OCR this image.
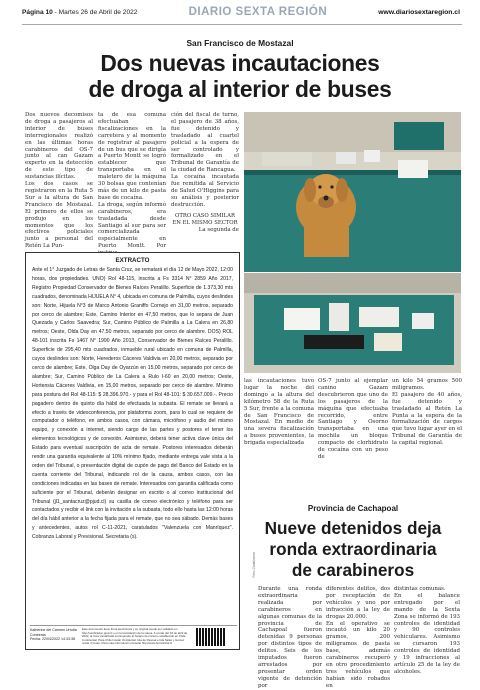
Página 10 - Martes 26 de Abril de 2022	DIARIO SEXTA REGIÓN	www.diariosextaregion.cl
San Francisco de Mostazal
Dos nuevas incautaciones
de droga al interior de buses
Dos nuevos decomisos de droga a pasajeros al interior de buses interregionales realizó en las últimas horas carabineros del OS-7 junto al can Gazam experto en la detección de este tipo de sustancias ilícitas.
Los dos casos se registraron en la Ruta 5 Sur a la altura de San Francisco de Mostazal. El primero de ellos se produjo en los momentos que los efectivos policiales junto a personal del Retén La Pun-
ta de esa comuna efectuaban fiscalizaciones en la carretera y al momento de registrar al pasajero de un bus que se dirigía a Puerto Montt se logró establecer que transportaba en el maletero de la máquina 30 bolsas que contenían más de un kilo de pasta base de cocaína.
La droga, según informó carabineros, era trasladada desde Santiago al sur para ser comercializada especialmente en Puerto Montt. Por
ción del fiscal de turno, el pasajero de 38 años, fue detenido y trasladado al cuartel policial a la espera de ser controlado y formalizado en el Tribunal de Garantía de la ciudad de Rancagua.
La cocaína incautada fue remitida al Servicio de Salud O'Higgins para su análisis y posterior destrucción.
OTRO CASO SIMILAR EN EL MISMO SECTOR
La segunda de
las incautaciones tuvo lugar la noche del domingo a la altura del kilómetro 58 de la Ruta 5 Sur, frente a la comuna de San Francisco de Mostazal. En medio de una severa fiscalización a buses provenientes, la brigada especializada
OS-7 junto al ejemplar canino Gazam descubrieron que uno de los pasajeros de la máquina que efectuaba recorrido, entre Santiago y Osorno transportaba en una mochila un bloque compacto de clorhidrato de cocaína con un peso de
un kilo 54 gramos 500 miligramos.
El pasajero de 40 años, fue detenido y trasladado al Retén La Punta a la espera de la formalización de cargos que tuvo lugar ayer en el Tribunal de Garantía de la capital regional.
EXTRACTO
Ante el 1° Juzgado de Letras de Santa Cruz, se rematará el día 12 de Mayo 2022, 12:00 horas, dos propiedades. UNO) Rol 48-115, inscrita a Fs 3314 N° 2859 Año 2017, Registro Propiedad Conservador de Bienes Raíces Peralillo. Superficie de 1.373,30 mts cuadrados, denominada HIJUELA N° 4, ubicada en comuna de Palmilla, cuyos deslindes son: Norte, Hijuela N°3 de Marco Antonio Graniffo Cornejo en 31,00 metros, separado por cerco de alambre; Este, Camino Interior en 47,50 metros, que lo separa de Juan Quezada y Carlos Saavedra; Sur, Camino Público de Palmilla a La Calera en 26,80 metros; Oeste, Olda Day en 47,50 metros, separado por cerco de alambre. DOS) ROL 48-101 inscrita Fs 1467 N° 1990 Año 2013, Conservador de Bienes Raíces Peralillo. Superficie de 295,40 mts cuadrados, inmueble rural ubicado en comuna de Palmilla, cuyos deslindes son: Norte, Herederos Cáceres Valdivia en 20,00 metros, separado por cerco de alambre; Este, Olga Day de Oyarzún en 15,00 metros, separado por cerco de alambre; Sur, Camino Público de La Calera a Rulo I-60 en 20,00 metros; Oeste, Hortensia Cáceres Valdivia, en 15,00 metros, separado por cerco de alambre. Mínimo para postura del Rol 48-115: $ 28.396.970.- y para el Rol 48-101: $ 30.657.009.-. Precio pagadero dentro de quinto día hábil de efectuada la subasta. El remate se llevará a efecto a través de videoconferencia, por plataforma zoom, para lo cual se requiere de computador o teléfono, en ambos casos, con cámara, micrófono y audio del mismo equipo, y conexión a internet, siendo cargo de las partes y postores el tener los elementos tecnológicos y de conexión. Asimismo, deberá tener activa clave única del Estado para eventual suscripción de acta de remate. Postores interesados deberán rendir una garantía equivalente al 10% mínimo fijado, mediante entrega vale vista a la orden del Tribunal, o presentación digital de cupón de pago del Banco del Estado en la cuenta corriente del Tribunal, indicando rol de la causa, ambos casos, con las condiciones indicadas en las bases de remate. Interesados con garantía calificada como suficiente por el Tribunal, deberán designar en escrito o al correo institucional del Tribunal (jl1_santacruz@pjud.cl) su casilla de correo electrónico y teléfono para ser contactados y recibir el link con la invitación a la subasta, todo ello hasta las 12:00 horas del día hábil anterior a la fecha fijada para el remate, que no sea sábado. Demás bases y antecedentes, autos rol C-11-2021, caratulados "Valenzuela con Manríquez". Cobranza Laboral y Previsional. Secretaria (s).
Katherine del Carmen Urrutia Contreras
Fecha: 22/04/2022 14:33:38
Este documento tiene firma electrónica y su original puede ser validado en http://verificadoc.pjud.cl o en la tramitación de la causa. A contar del 04 de abril de 2022, la hora visualizada corresponde al horario de invierno establecido en Chile Continental. Para Chile Insular Occidental, Isla de Pascua e Isla Salas y Gómez restar 2 horas. Para más información consulte http://www.horaoficial.cl
Provincia de Cachapoal
Nueve detenidos deja
ronda extraordinaria
de carabineros
Foto: Carabineros
Durante una ronda extraordinaria realizada por carabineros en algunas comunas de la provincia de Cachapoal fueron detenidas 9 personas por distintos tipos de delitos. Seis de los imputados fueron arrestados por presentar orden vigente de detención por
diferentes delitos, dos por receptación de vehículos y uno por infracción a la ley de drogas 20.000.
En el operativo se incautó un kilo 20 gramos, 200 miligramos de pasta base, además carabineros recuperó en otro procedimiento tres vehículos que habían sido robados en
distintas comunas.
En el balance entregado por el mando de la Sexta Zona se informó de 193 controles de identidad y 90 controles vehiculares. Asimismo se cursaron 193 controles de identidad y 19 infracciones al artículo 25 de la ley de alcoholes.
